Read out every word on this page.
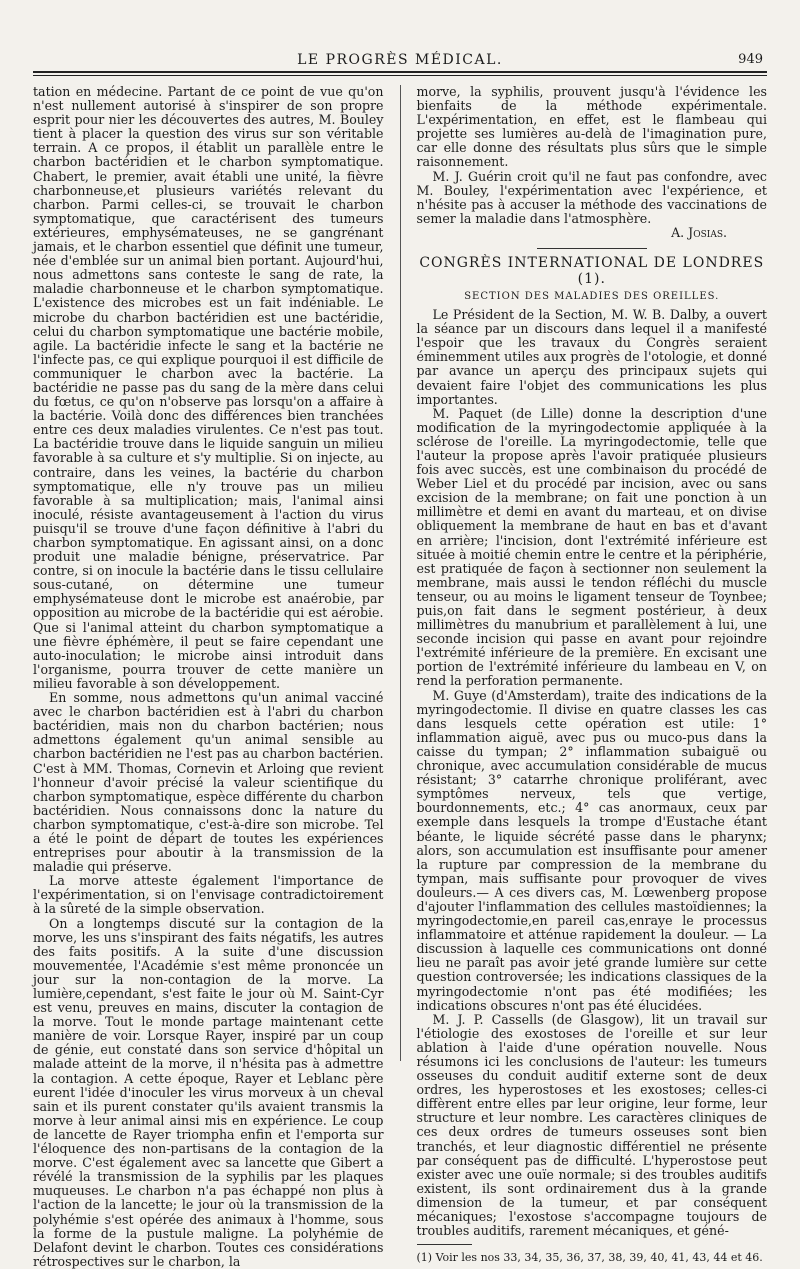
LE PROGRÈS MÉDICAL.	949

tation en médecine. Partant de ce point de vue qu'on n'est nullement autorisé à s'inspirer de son propre esprit pour nier les découvertes des autres, M. Bouley tient à placer la question des virus sur son véritable terrain. A ce propos, il établit un parallèle entre le charbon bactéridien et le charbon symptomatique. Chabert, le premier, avait établi une unité, la fièvre charbonneuse,et plusieurs variétés relevant du charbon. Parmi celles-ci, se trouvait le charbon symptomatique, que caractérisent des tumeurs extérieures, emphysémateuses, ne se gangrénant jamais, et le charbon essentiel que définit une tumeur, née d'emblée sur un animal bien portant. Aujourd'hui, nous admettons sans conteste le sang de rate, la maladie charbonneuse et le charbon symptomatique. L'existence des microbes est un fait indéniable. Le microbe du charbon bactéridien est une bactéridie, celui du charbon symptomatique une bactérie mobile, agile. La bactéridie infecte le sang et la bactérie ne l'infecte pas, ce qui explique pourquoi il est difficile de communiquer le charbon avec la bactérie. La bactéridie ne passe pas du sang de la mère dans celui du fœtus, ce qu'on n'observe pas lorsqu'on a affaire à la bactérie. Voilà donc des différences bien tranchées entre ces deux maladies virulentes. Ce n'est pas tout. La bactéridie trouve dans le liquide sanguin un milieu favorable à sa culture et s'y multiplie. Si on injecte, au contraire, dans les veines, la bactérie du charbon symptomatique, elle n'y trouve pas un milieu favorable à sa multiplication; mais, l'animal ainsi inoculé, résiste avantageusement à l'action du virus puisqu'il se trouve d'une façon définitive à l'abri du charbon symptomatique. En agissant ainsi, on a donc produit une maladie bénigne, préservatrice. Par contre, si on inocule la bactérie dans le tissu cellulaire sous-cutané, on détermine une tumeur emphysémateuse dont le microbe est anaérobie, par opposition au microbe de la bactéridie qui est aérobie. Que si l'animal atteint du charbon symptomatique a une fièvre éphémère, il peut se faire cependant une auto-inoculation; le microbe ainsi introduit dans l'organisme, pourra trouver de cette manière un milieu favorable à son développement.

En somme, nous admettons qu'un animal vacciné avec le charbon bactéridien est à l'abri du charbon bactéridien, mais non du charbon bactérien; nous admettons également qu'un animal sensible au charbon bactéridien ne l'est pas au charbon bactérien. C'est à MM. Thomas, Cornevin et Arloing que revient l'honneur d'avoir précisé la valeur scientifique du charbon symptomatique, espèce différente du charbon bactéridien. Nous connaissons donc la nature du charbon symptomatique, c'est-à-dire son microbe. Tel a été le point de départ de toutes les expériences entreprises pour aboutir à la transmission de la maladie qui préserve.

La morve atteste également l'importance de l'expérimentation, si on l'envisage contradictoirement à la sûreté de la simple observation.

On a longtemps discuté sur la contagion de la morve, les uns s'inspirant des faits négatifs, les autres des faits positifs. A la suite d'une discussion mouvementée, l'Académie s'est même prononcée un jour sur la non-contagion de la morve. La lumière,cependant, s'est faite le jour où M. Saint-Cyr est venu, preuves en mains, discuter la contagion de la morve. Tout le monde partage maintenant cette manière de voir. Lorsque Rayer, inspiré par un coup de génie, eut constaté dans son service d'hôpital un malade atteint de la morve, il n'hésita pas à admettre la contagion. A cette époque, Rayer et Leblanc père eurent l'idée d'inoculer les virus morveux à un cheval sain et ils purent constater qu'ils avaient transmis la morve à leur animal ainsi mis en expérience. Le coup de lancette de Rayer triompha enfin et l'emporta sur l'éloquence des non-partisans de la contagion de la morve. C'est également avec sa lancette que Gibert a révélé la transmission de la syphilis par les plaques muqueuses. Le charbon n'a pas échappé non plus à l'action de la lancette; le jour où la transmission de la polyhémie s'est opérée des animaux à l'homme, sous la forme de la pustule maligne. La polyhémie de Delafont devint le charbon. Toutes ces considérations rétrospectives sur le charbon, la

morve, la syphilis, prouvent jusqu'à l'évidence les bienfaits de la méthode expérimentale. L'expérimentation, en effet, est le flambeau qui projette ses lumières au-delà de l'imagination pure, car elle donne des résultats plus sûrs que le simple raisonnement.

M. J. Guérin croit qu'il ne faut pas confondre, avec M. Bouley, l'expérimentation avec l'expérience, et n'hésite pas à accuser la méthode des vaccinations de semer la maladie dans l'atmosphère.

A. Josias.

CONGRÈS INTERNATIONAL DE LONDRES (1).
SECTION DES MALADIES DES OREILLES.

Le Président de la Section, M. W. B. Dalby, a ouvert la séance par un discours dans lequel il a manifesté l'espoir que les travaux du Congrès seraient éminemment utiles aux progrès de l'otologie, et donné par avance un aperçu des principaux sujets qui devaient faire l'objet des communications les plus importantes.

M. Paquet (de Lille) donne la description d'une modification de la myringodectomie appliquée à la sclérose de l'oreille. La myringodectomie, telle que l'auteur la propose après l'avoir pratiquée plusieurs fois avec succès, est une combinaison du procédé de Weber Liel et du procédé par incision, avec ou sans excision de la membrane; on fait une ponction à un millimètre et demi en avant du marteau, et on divise obliquement la membrane de haut en bas et d'avant en arrière; l'incision, dont l'extrémité inférieure est située à moitié chemin entre le centre et la périphérie, est pratiquée de façon à sectionner non seulement la membrane, mais aussi le tendon réfléchi du muscle tenseur, ou au moins le ligament tenseur de Toynbee; puis,on fait dans le segment postérieur, à deux millimètres du manubrium et parallèlement à lui, une seconde incision qui passe en avant pour rejoindre l'extrémité inférieure de la première. En excisant une portion de l'extrémité inférieure du lambeau en V, on rend la perforation permanente.

M. Guye (d'Amsterdam), traite des indications de la myringodectomie. Il divise en quatre classes les cas dans lesquels cette opération est utile: 1° inflammation aiguë, avec pus ou muco-pus dans la caisse du tympan; 2° inflammation subaiguë ou chronique, avec accumulation considérable de mucus résistant; 3° catarrhe chronique proliférant, avec symptômes nerveux, tels que vertige, bourdonnements, etc.; 4° cas anormaux, ceux par exemple dans lesquels la trompe d'Eustache étant béante, le liquide sécrété passe dans le pharynx; alors, son accumulation est insuffisante pour amener la rupture par compression de la membrane du tympan, mais suffisante pour provoquer de vives douleurs.— A ces divers cas, M. Lœwenberg propose d'ajouter l'inflammation des cellules mastoïdiennes; la myringodectomie,en pareil cas,enraye le processus inflammatoire et atténue rapidement la douleur. — La discussion à laquelle ces communications ont donné lieu ne paraît pas avoir jeté grande lumière sur cette question controversée; les indications classiques de la myringodectomie n'ont pas été modifiées; les indications obscures n'ont pas été élucidées.

M. J. P. Cassells (de Glasgow), lit un travail sur l'étiologie des exostoses de l'oreille et sur leur ablation à l'aide d'une opération nouvelle. Nous résumons ici les conclusions de l'auteur: les tumeurs osseuses du conduit auditif externe sont de deux ordres, les hyperostoses et les exostoses; celles-ci diffèrent entre elles par leur origine, leur forme, leur structure et leur nombre. Les caractères cliniques de ces deux ordres de tumeurs osseuses sont bien tranchés, et leur diagnostic différentiel ne présente par conséquent pas de difficulté. L'hyperostose peut exister avec une ouïe normale; si des troubles auditifs existent, ils sont ordinairement dus à la grande dimension de la tumeur, et par conséquent mécaniques; l'exostose s'accompagne toujours de troubles auditifs, rarement mécaniques, et géné-

(1) Voir les nos 33, 34, 35, 36, 37, 38, 39, 40, 41, 43, 44 et 46.
